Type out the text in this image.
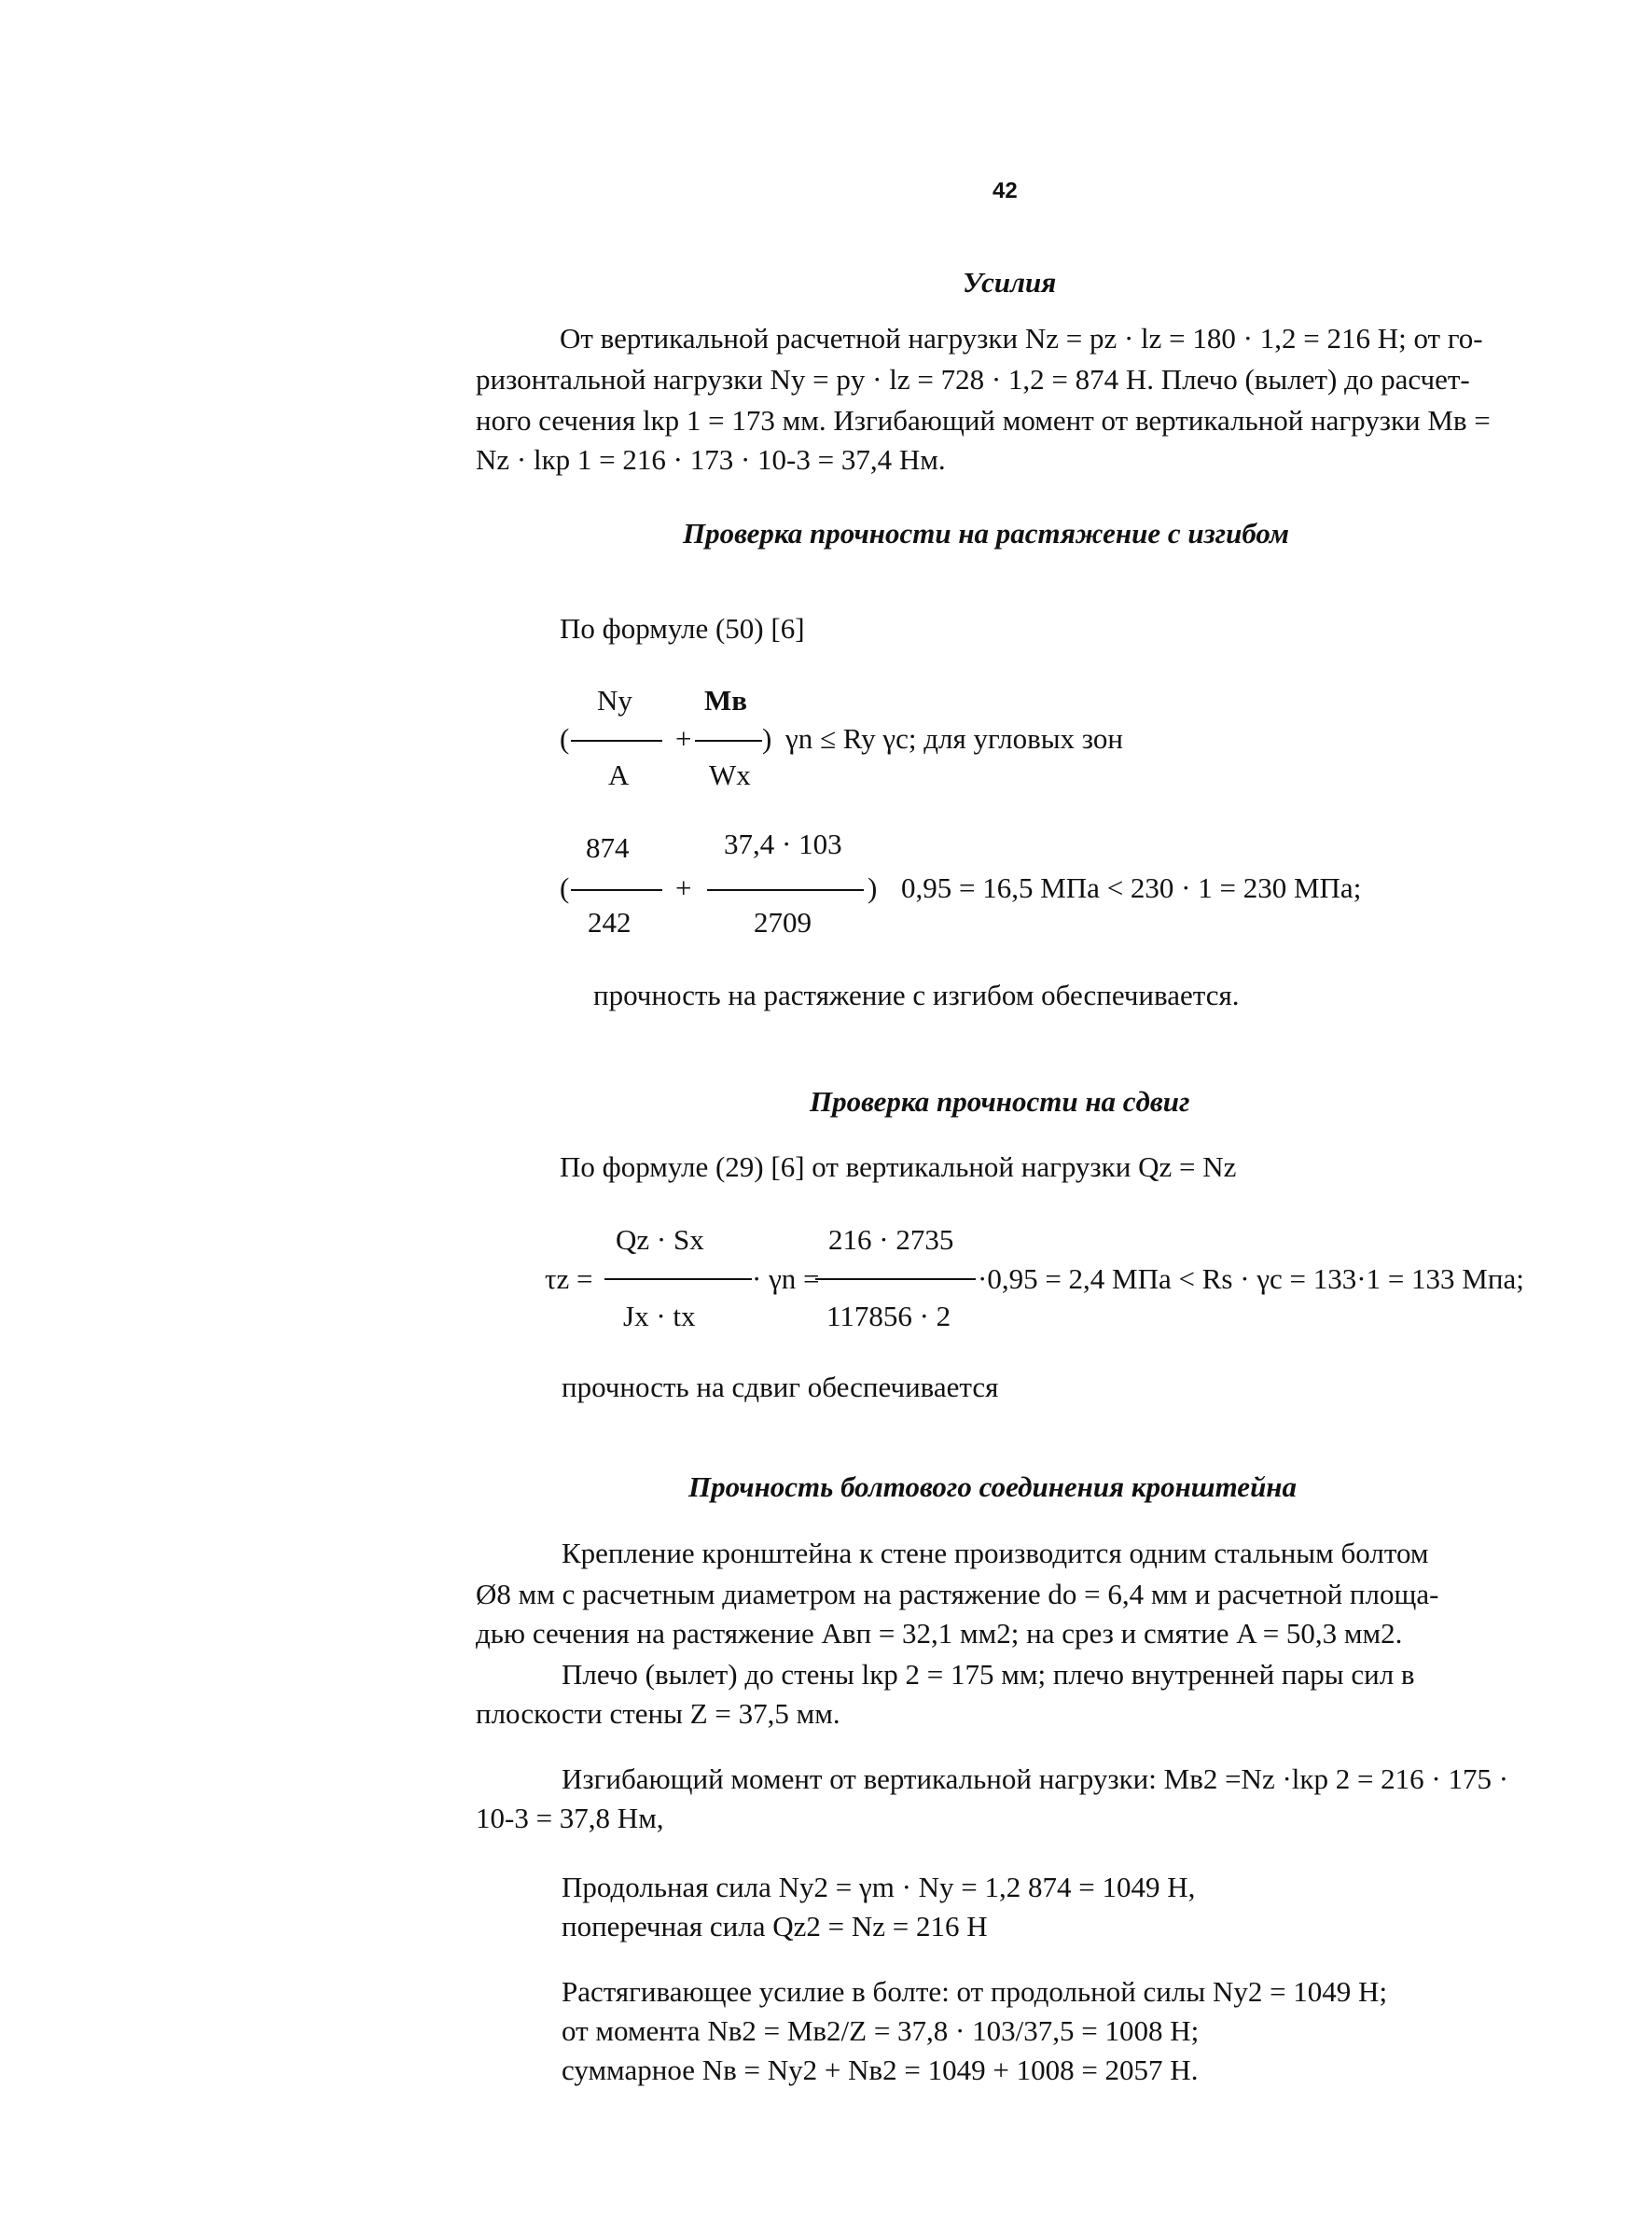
42
Усилия
От вертикальной расчетной нагрузки Nz = pz · lz = 180 · 1,2 = 216 Н; от го-
ризонтальной нагрузки Ny = py · lz = 728 · 1,2 = 874 Н. Плечо (вылет) до расчет-
ного сечения lкр 1 = 173 мм. Изгибающий момент от вертикальной нагрузки Mв =
Nz · lкр 1 = 216 · 173 · 10-3 = 37,4 Нм.
Проверка прочности на растяжение с изгибом
По формуле (50) [6]
Ny Mв
(	+ ) γn ≤ Ry γc; для угловых зон
A	Wx
874	37,4 · 103
(	+	) 0,95 = 16,5 МПа < 230 · 1 = 230 МПа;
242	2709
прочность на растяжение с изгибом обеспечивается.
Проверка прочности на сдвиг
По формуле (29) [6] от вертикальной нагрузки Qz = Nz
Qz · Sx	216 · 2735
τz =	· γn =	·0,95 = 2,4 МПа < Rs · γc = 133·1 = 133 Мпа;
Jx · tx	117856 · 2
прочность на сдвиг обеспечивается
Прочность болтового соединения кронштейна
Крепление кронштейна к стене производится одним стальным болтом
Ø8 мм с расчетным диаметром на растяжение do = 6,4 мм и расчетной площа-
дью сечения на растяжение Aвп = 32,1 мм2; на срез и смятие A = 50,3 мм2.
Плечо (вылет) до стены lкр 2 = 175 мм; плечо внутренней пары сил в
плоскости стены Z = 37,5 мм.
Изгибающий момент от вертикальной нагрузки: Mв2 =Nz ·lкр 2 = 216 · 175 ·
10-3 = 37,8 Нм,
Продольная сила Ny2 = γm · Ny = 1,2 874 = 1049 Н,
поперечная сила Qz2 = Nz = 216 Н
Растягивающее усилие в болте: от продольной силы Ny2 = 1049 Н;
от момента Nв2 = Mв2/Z = 37,8 · 103/37,5 = 1008 Н;
суммарное Nв = Ny2 + Nв2 = 1049 + 1008 = 2057 Н.
